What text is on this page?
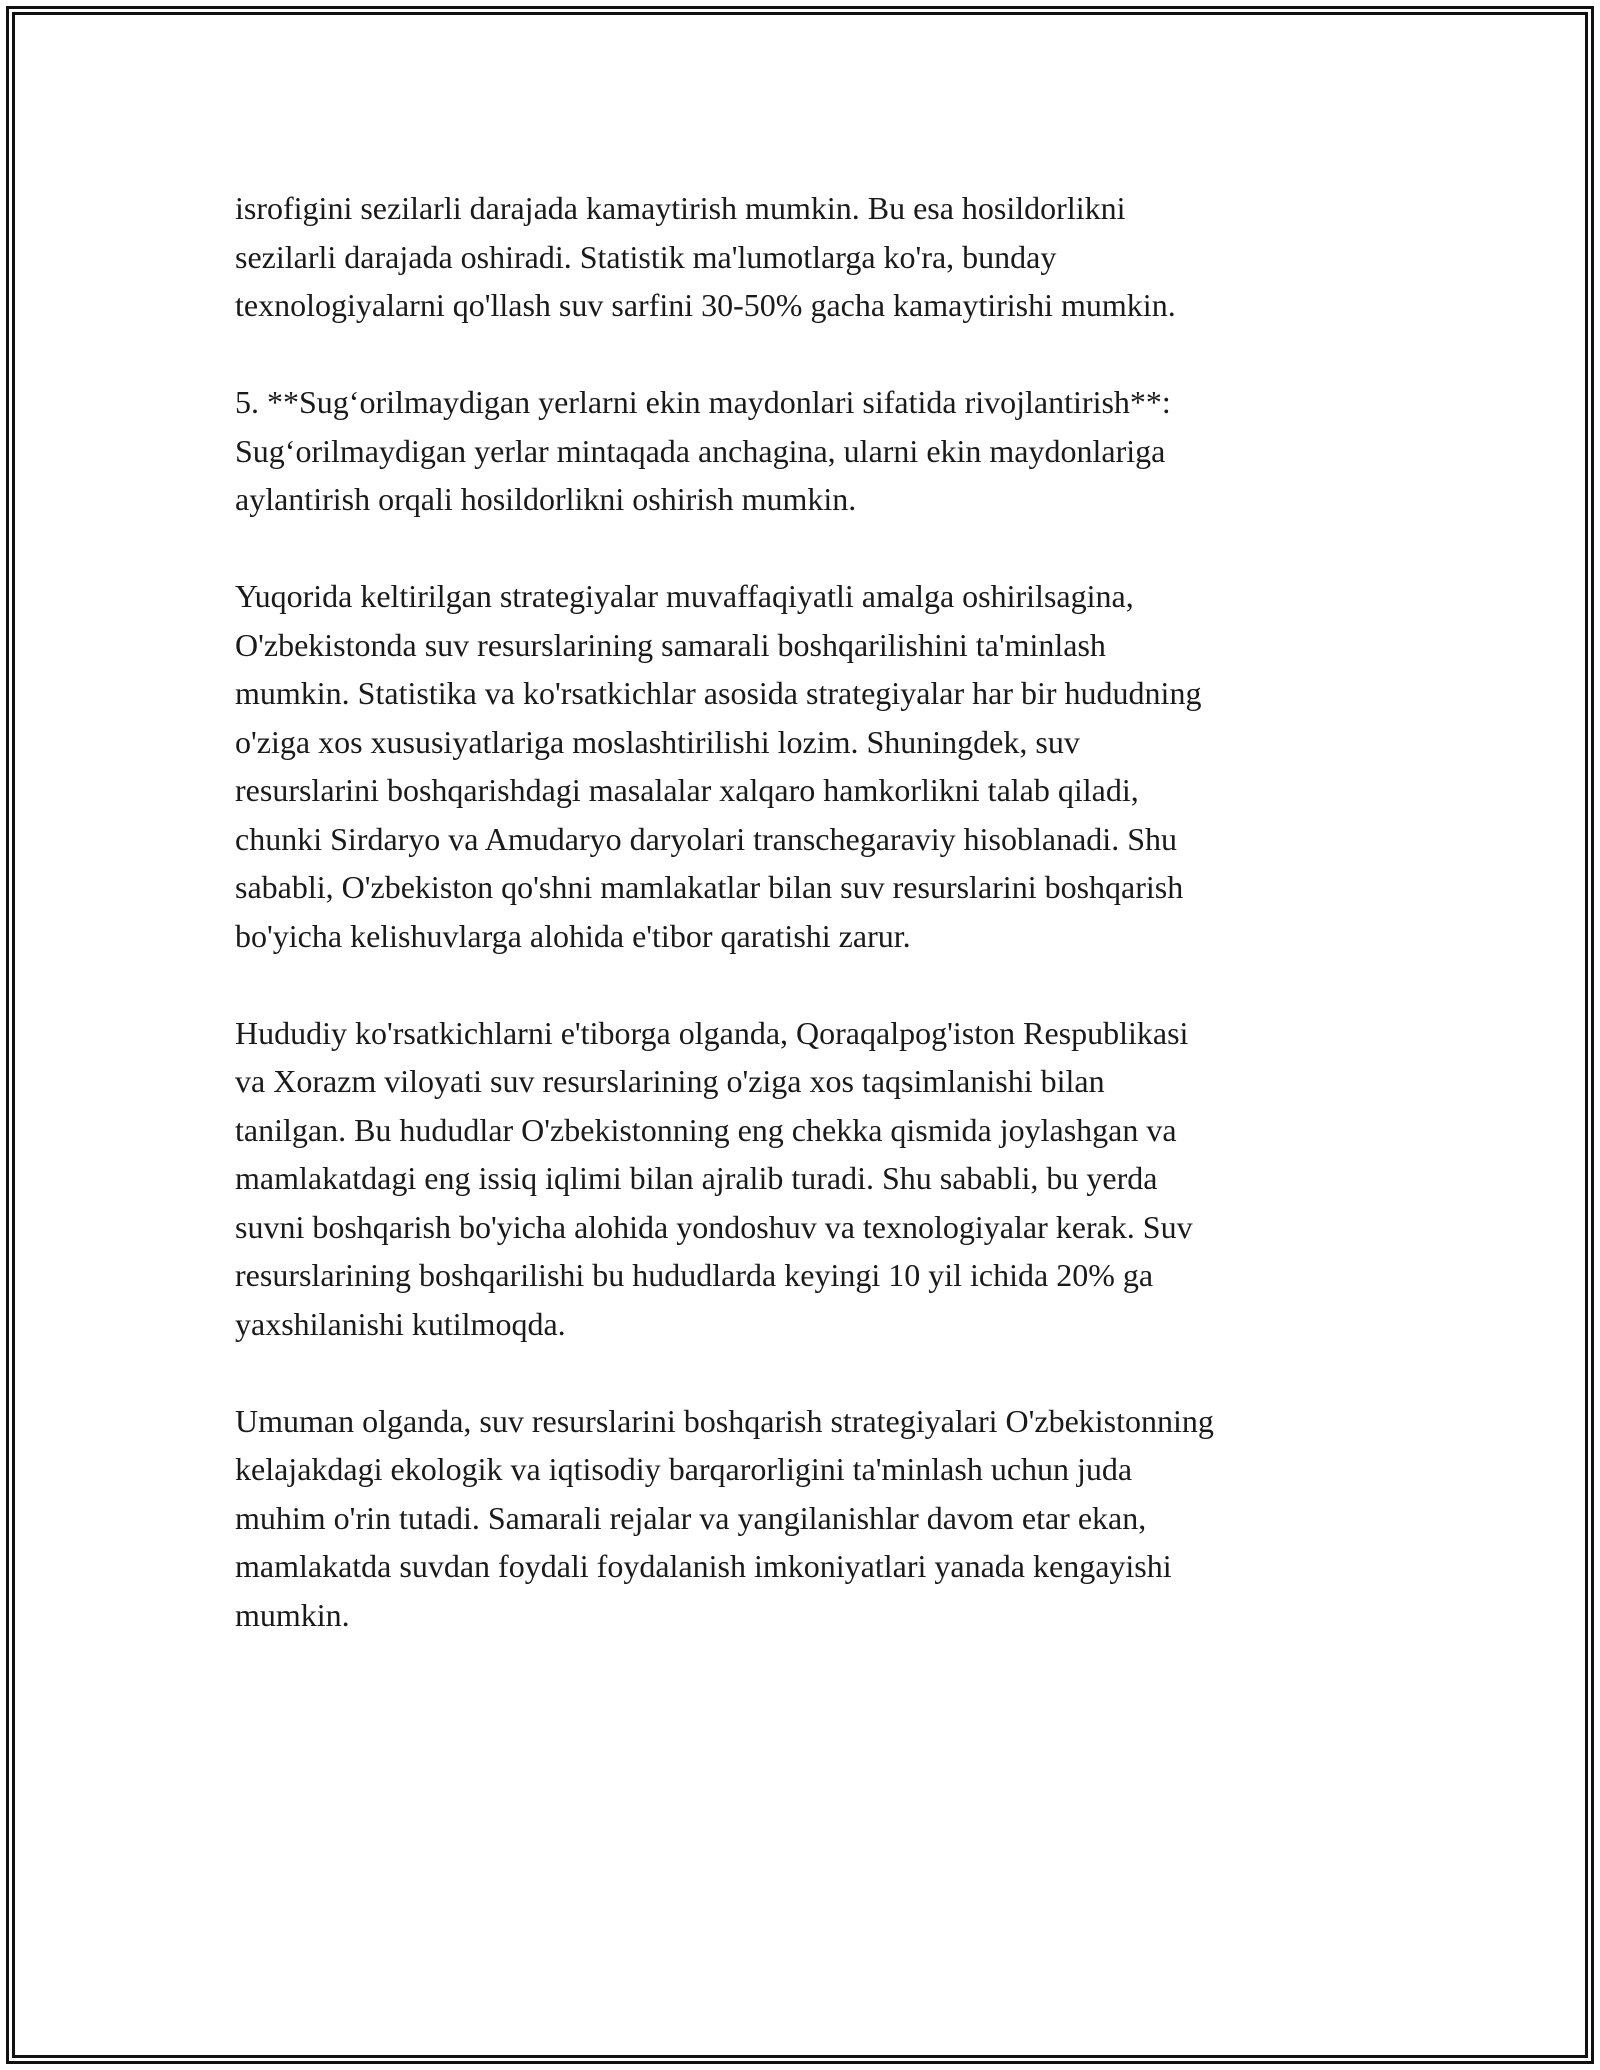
isrofigini sezilarli darajada kamaytirish mumkin. Bu esa hosildorlikni
sezilarli darajada oshiradi. Statistik ma'lumotlarga ko'ra, bunday
texnologiyalarni qo'llash suv sarfini 30-50% gacha kamaytirishi mumkin.

5. **Sug‘orilmaydigan yerlarni ekin maydonlari sifatida rivojlantirish**:
Sug‘orilmaydigan yerlar mintaqada anchagina, ularni ekin maydonlariga
aylantirish orqali hosildorlikni oshirish mumkin.

Yuqorida keltirilgan strategiyalar muvaffaqiyatli amalga oshirilsagina,
O'zbekistonda suv resurslarining samarali boshqarilishini ta'minlash
mumkin. Statistika va ko'rsatkichlar asosida strategiyalar har bir hududning
o'ziga xos xususiyatlariga moslashtirilishi lozim. Shuningdek, suv
resurslarini boshqarishdagi masalalar xalqaro hamkorlikni talab qiladi,
chunki Sirdaryo va Amudaryo daryolari transchegaraviy hisoblanadi. Shu
sababli, O'zbekiston qo'shni mamlakatlar bilan suv resurslarini boshqarish
bo'yicha kelishuvlarga alohida e'tibor qaratishi zarur.

Hududiy ko'rsatkichlarni e'tiborga olganda, Qoraqalpog'iston Respublikasi
va Xorazm viloyati suv resurslarining o'ziga xos taqsimlanishi bilan
tanilgan. Bu hududlar O'zbekistonning eng chekka qismida joylashgan va
mamlakatdagi eng issiq iqlimi bilan ajralib turadi. Shu sababli, bu yerda
suvni boshqarish bo'yicha alohida yondoshuv va texnologiyalar kerak. Suv
resurslarining boshqarilishi bu hududlarda keyingi 10 yil ichida 20% ga
yaxshilanishi kutilmoqda.

Umuman olganda, suv resurslarini boshqarish strategiyalari O'zbekistonning
kelajakdagi ekologik va iqtisodiy barqarorligini ta'minlash uchun juda
muhim o'rin tutadi. Samarali rejalar va yangilanishlar davom etar ekan,
mamlakatda suvdan foydali foydalanish imkoniyatlari yanada kengayishi
mumkin.
